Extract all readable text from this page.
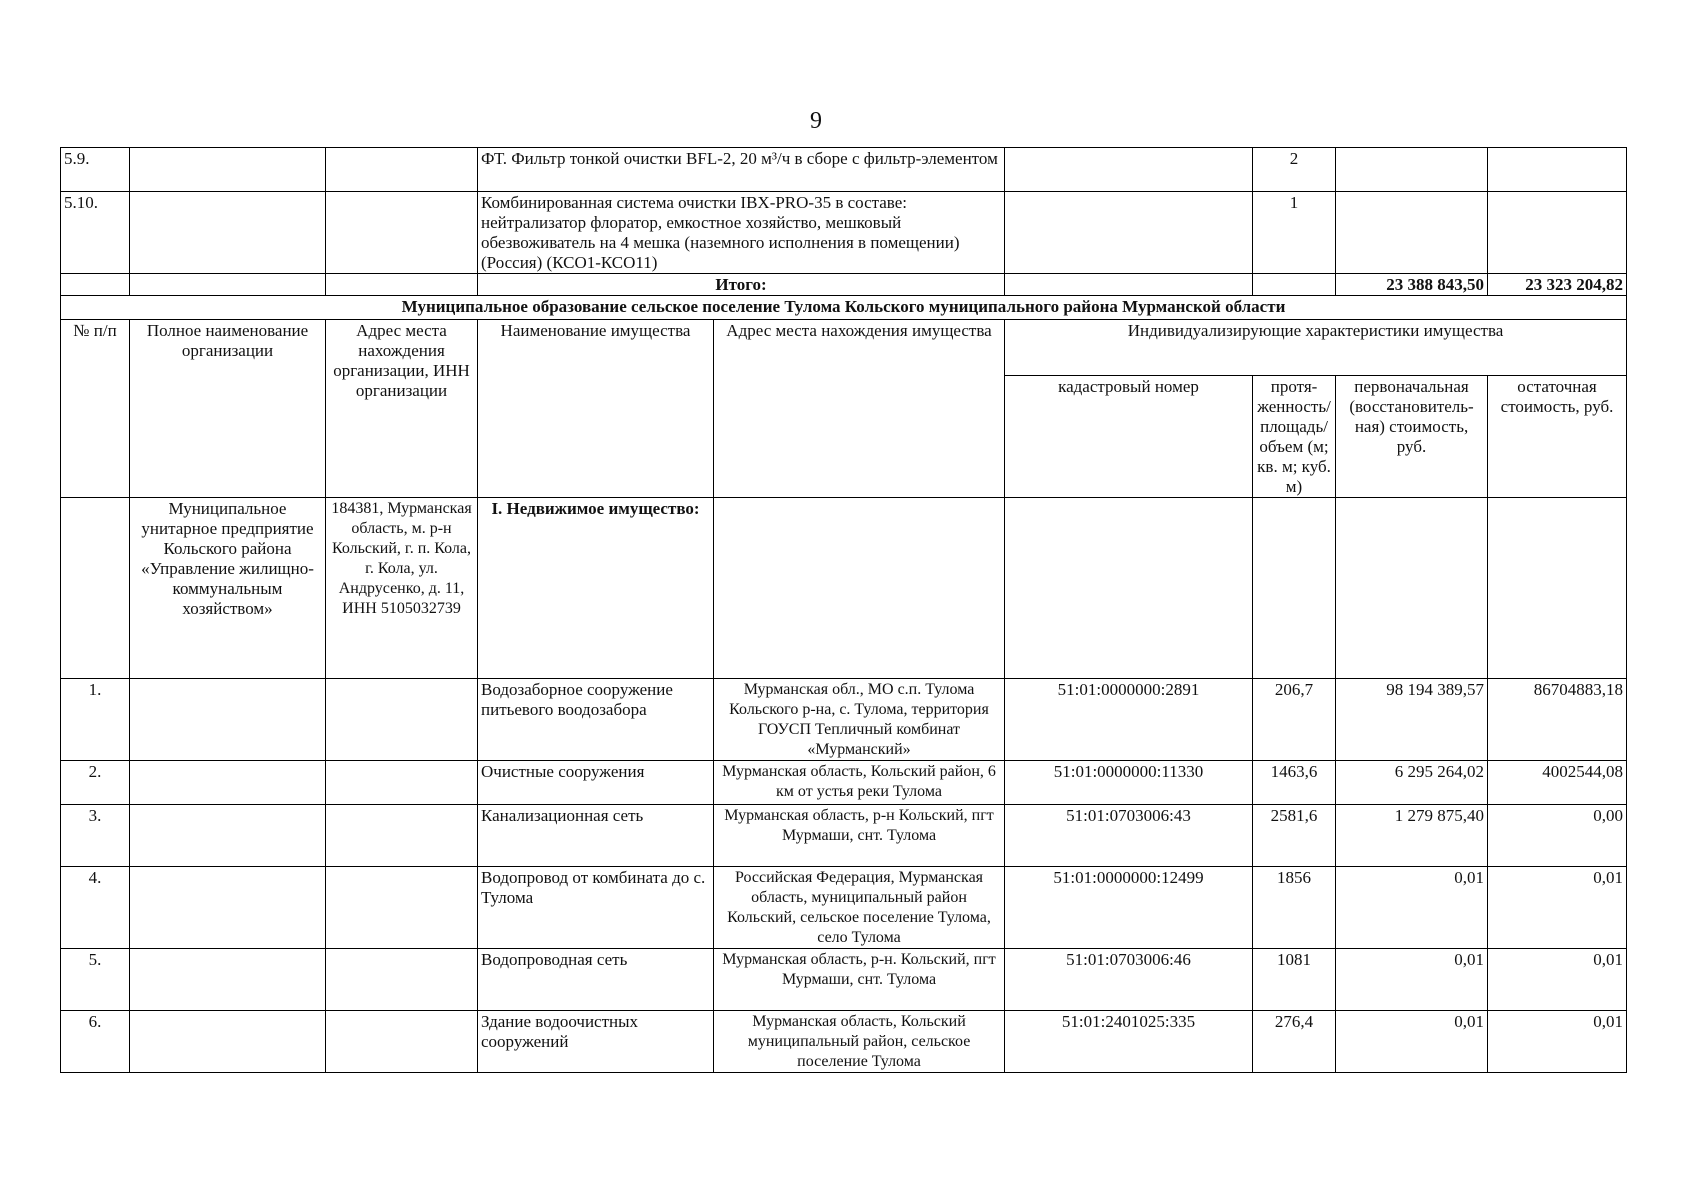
9
5.9.			ФТ. Фильтр тонкой очистки BFL-2, 20 м³/ч в сборе с фильтр-элементом			2		
5.10.			Комбинированная система очистки IBX-PRO-35 в составе: нейтрализатор флоратор, емкостное хозяйство, мешковый обезвоживатель на 4 мешка (наземного исполнения в помещении) (Россия) (КСО1-КСО11)			1		
			Итого:				23 388 843,50	23 323 204,82
Муниципальное образование сельское поселение Тулома Кольского муниципального района Мурманской области								
№ п/п	Полное наименование организации	Адрес места нахождения организации, ИНН организации	Наименование имущества	Адрес места нахождения имущества	Индивидуализирующие характеристики имущества			
					кадастровый номер	протя-женность/ площадь/ объем (м; кв. м; куб. м)	первоначальная (восстановитель-ная) стоимость, руб.	остаточная стоимость, руб.
	Муниципальное унитарное предприятие Кольского района «Управление жилищно-коммунальным хозяйством»	184381, Мурманская область, м. р-н Кольский, г. п. Кола, г. Кола, ул. Андрусенко, д. 11, ИНН 5105032739	I. Недвижимое имущество:					
1.			Водозаборное сооружение питьевого воодозабора	Мурманская обл., МО с.п. Тулома Кольского р-на, с. Тулома, территория ГОУСП Тепличный комбинат «Мурманский»	51:01:0000000:2891	206,7	98 194 389,57	86704883,18
2.			Очистные сооружения	Мурманская область, Кольский район, 6 км от устья реки Тулома	51:01:0000000:11330	1463,6	6 295 264,02	4002544,08
3.			Канализационная сеть	Мурманская область, р-н Кольский, пгт Мурмаши, снт. Тулома	51:01:0703006:43	2581,6	1 279 875,40	0,00
4.			Водопровод от комбината до с. Тулома	Российская Федерация, Мурманская область, муниципальный район Кольский, сельское поселение Тулома, село Тулома	51:01:0000000:12499	1856	0,01	0,01
5.			Водопроводная сеть	Мурманская область, р-н. Кольский, пгт Мурмаши, снт. Тулома	51:01:0703006:46	1081	0,01	0,01
6.			Здание водоочистных сооружений	Мурманская область, Кольский муниципальный район, сельское поселение Тулома	51:01:2401025:335	276,4	0,01	0,01
